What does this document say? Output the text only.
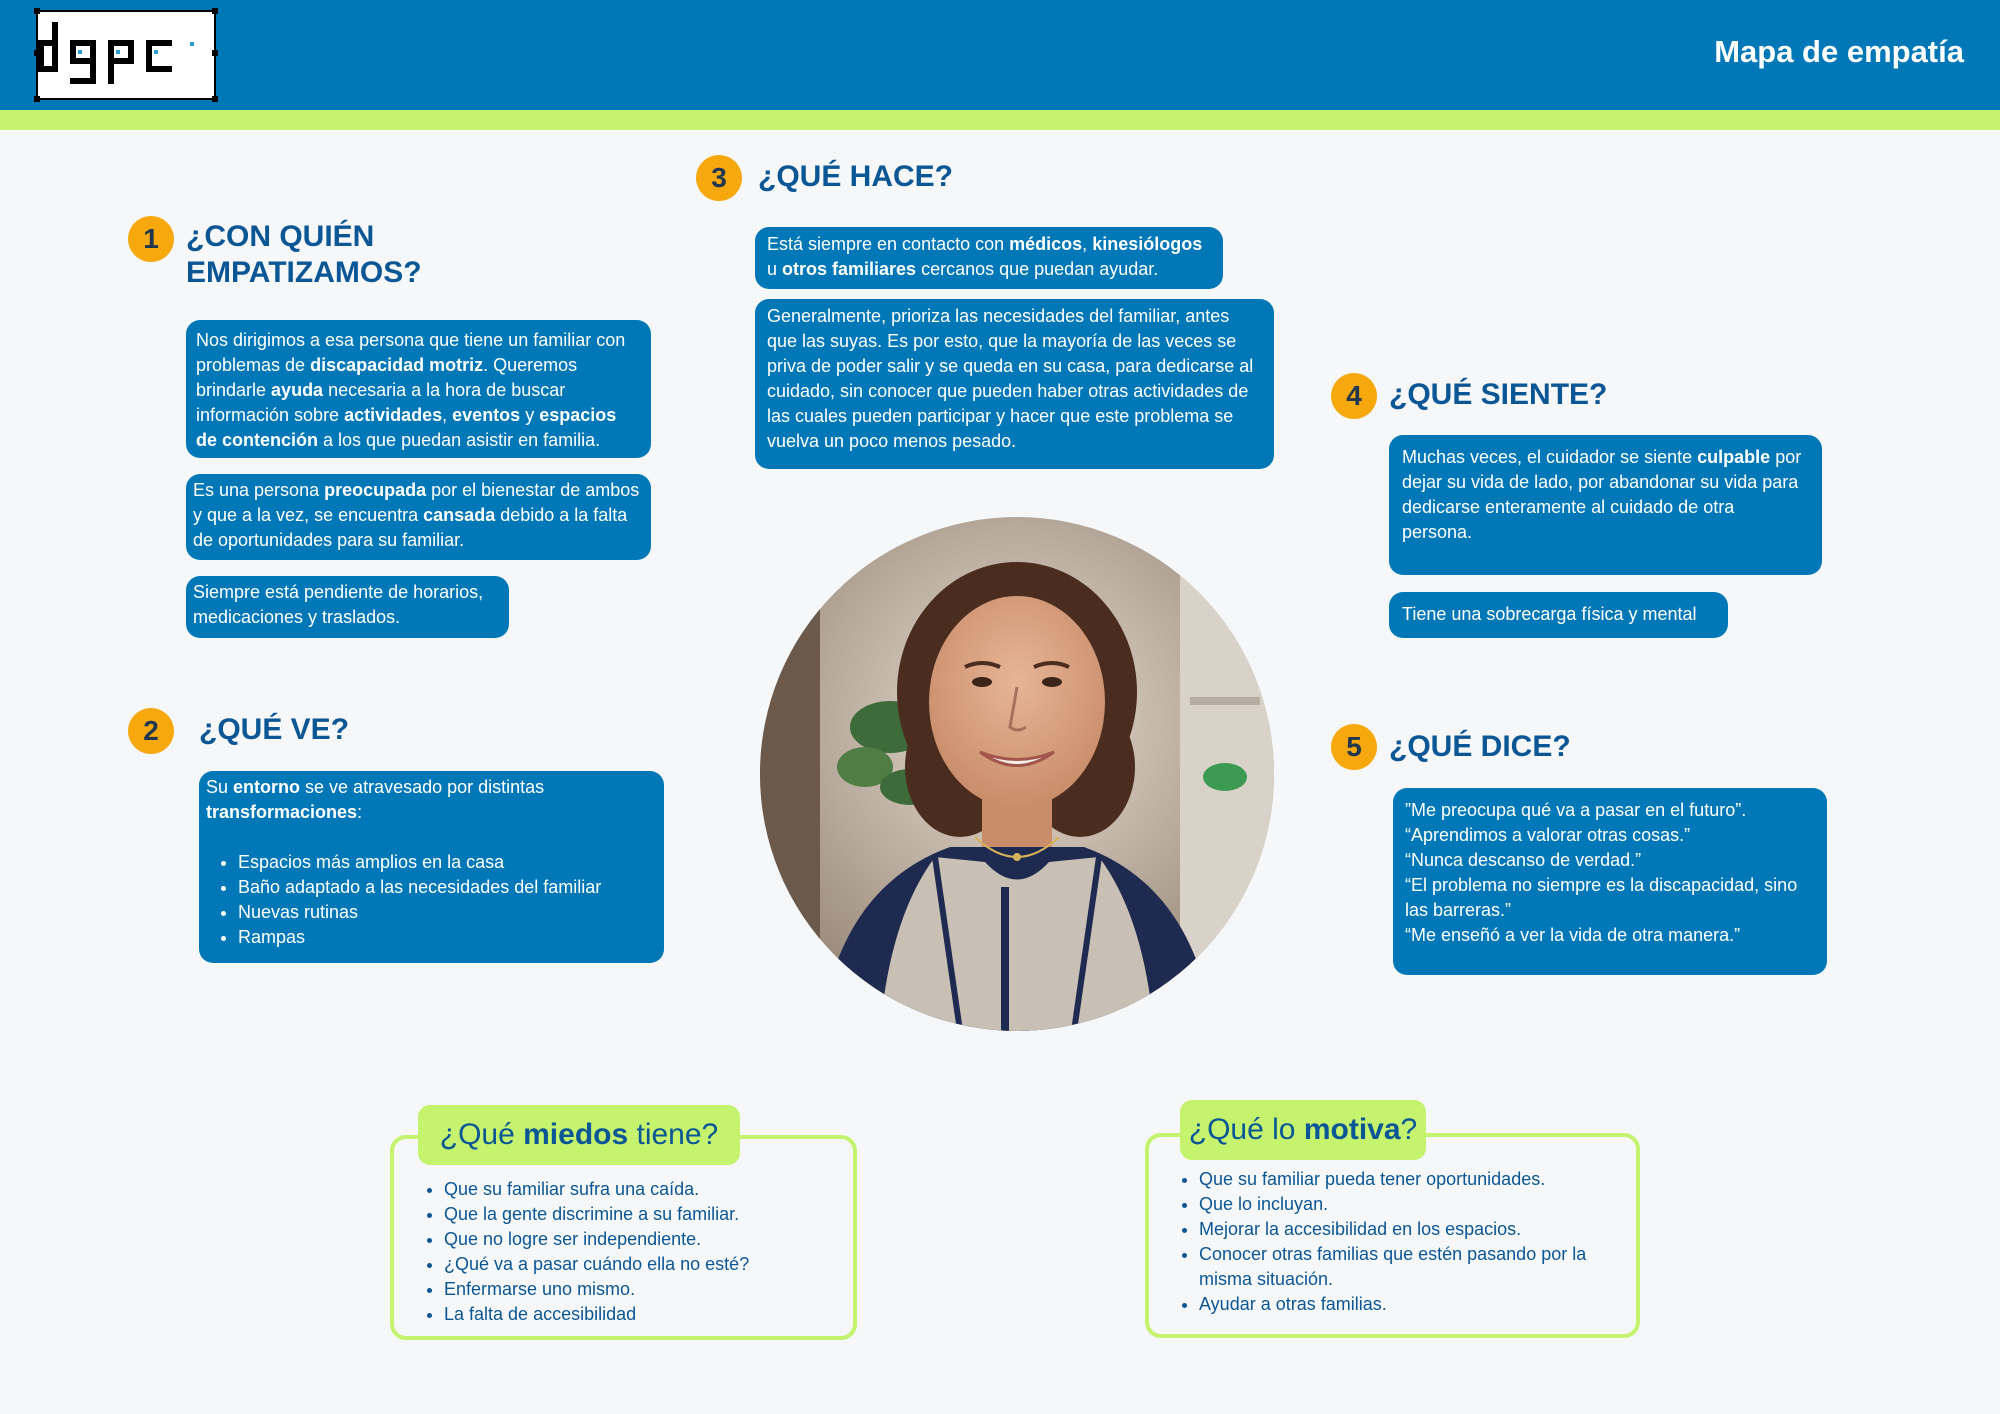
Mapa de empatía
1 ¿CON QUIÉN
EMPATIZAMOS?
Nos dirigimos a esa persona que tiene un familiar con problemas de discapacidad motriz. Queremos brindarle ayuda necesaria a la hora de buscar información sobre actividades, eventos y espacios de contención a los que puedan asistir en familia.
Es una persona preocupada por el bienestar de ambos y que a la vez, se encuentra cansada debido a la falta de oportunidades para su familiar.
Siempre está pendiente de horarios, medicaciones y traslados.
2	¿QUÉ VE?
Su entorno se ve atravesado por distintas transformaciones:
• Espacios más amplios en la casa
• Baño adaptado a las necesidades del familiar
• Nuevas rutinas
• Rampas
3	¿QUÉ HACE?
Está siempre en contacto con médicos, kinesiólogos u otros familiares cercanos que puedan ayudar.
Generalmente, prioriza las necesidades del familiar, antes que las suyas. Es por esto, que la mayoría de las veces se priva de poder salir y se queda en su casa, para dedicarse al cuidado, sin conocer que pueden haber otras actividades de las cuales pueden participar y hacer que este problema se vuelva un poco menos pesado.
4 ¿QUÉ SIENTE?
Muchas veces, el cuidador se siente culpable por dejar su vida de lado, por abandonar su vida para dedicarse enteramente al cuidado de otra persona.
Tiene una sobrecarga física y mental
5 ¿QUÉ DICE?
”Me preocupa qué va a pasar en el futuro”.
“Aprendimos a valorar otras cosas.”
“Nunca descanso de verdad.”
“El problema no siempre es la discapacidad, sino las barreras.”
“Me enseñó a ver la vida de otra manera.”
• Que su familiar sufra una caída.
• Que la gente discrimine a su familiar.
• Que no logre ser independiente.
• ¿Qué va a pasar cuándo ella no esté?
• Enfermarse uno mismo.
• La falta de accesibilidad
¿Qué miedos tiene?
• Que su familiar pueda tener oportunidades.
• Que lo incluyan.
• Mejorar la accesibilidad en los espacios.
• Conocer otras familias que estén pasando por la misma situación.
• Ayudar a otras familias.
¿Qué lo motiva?
